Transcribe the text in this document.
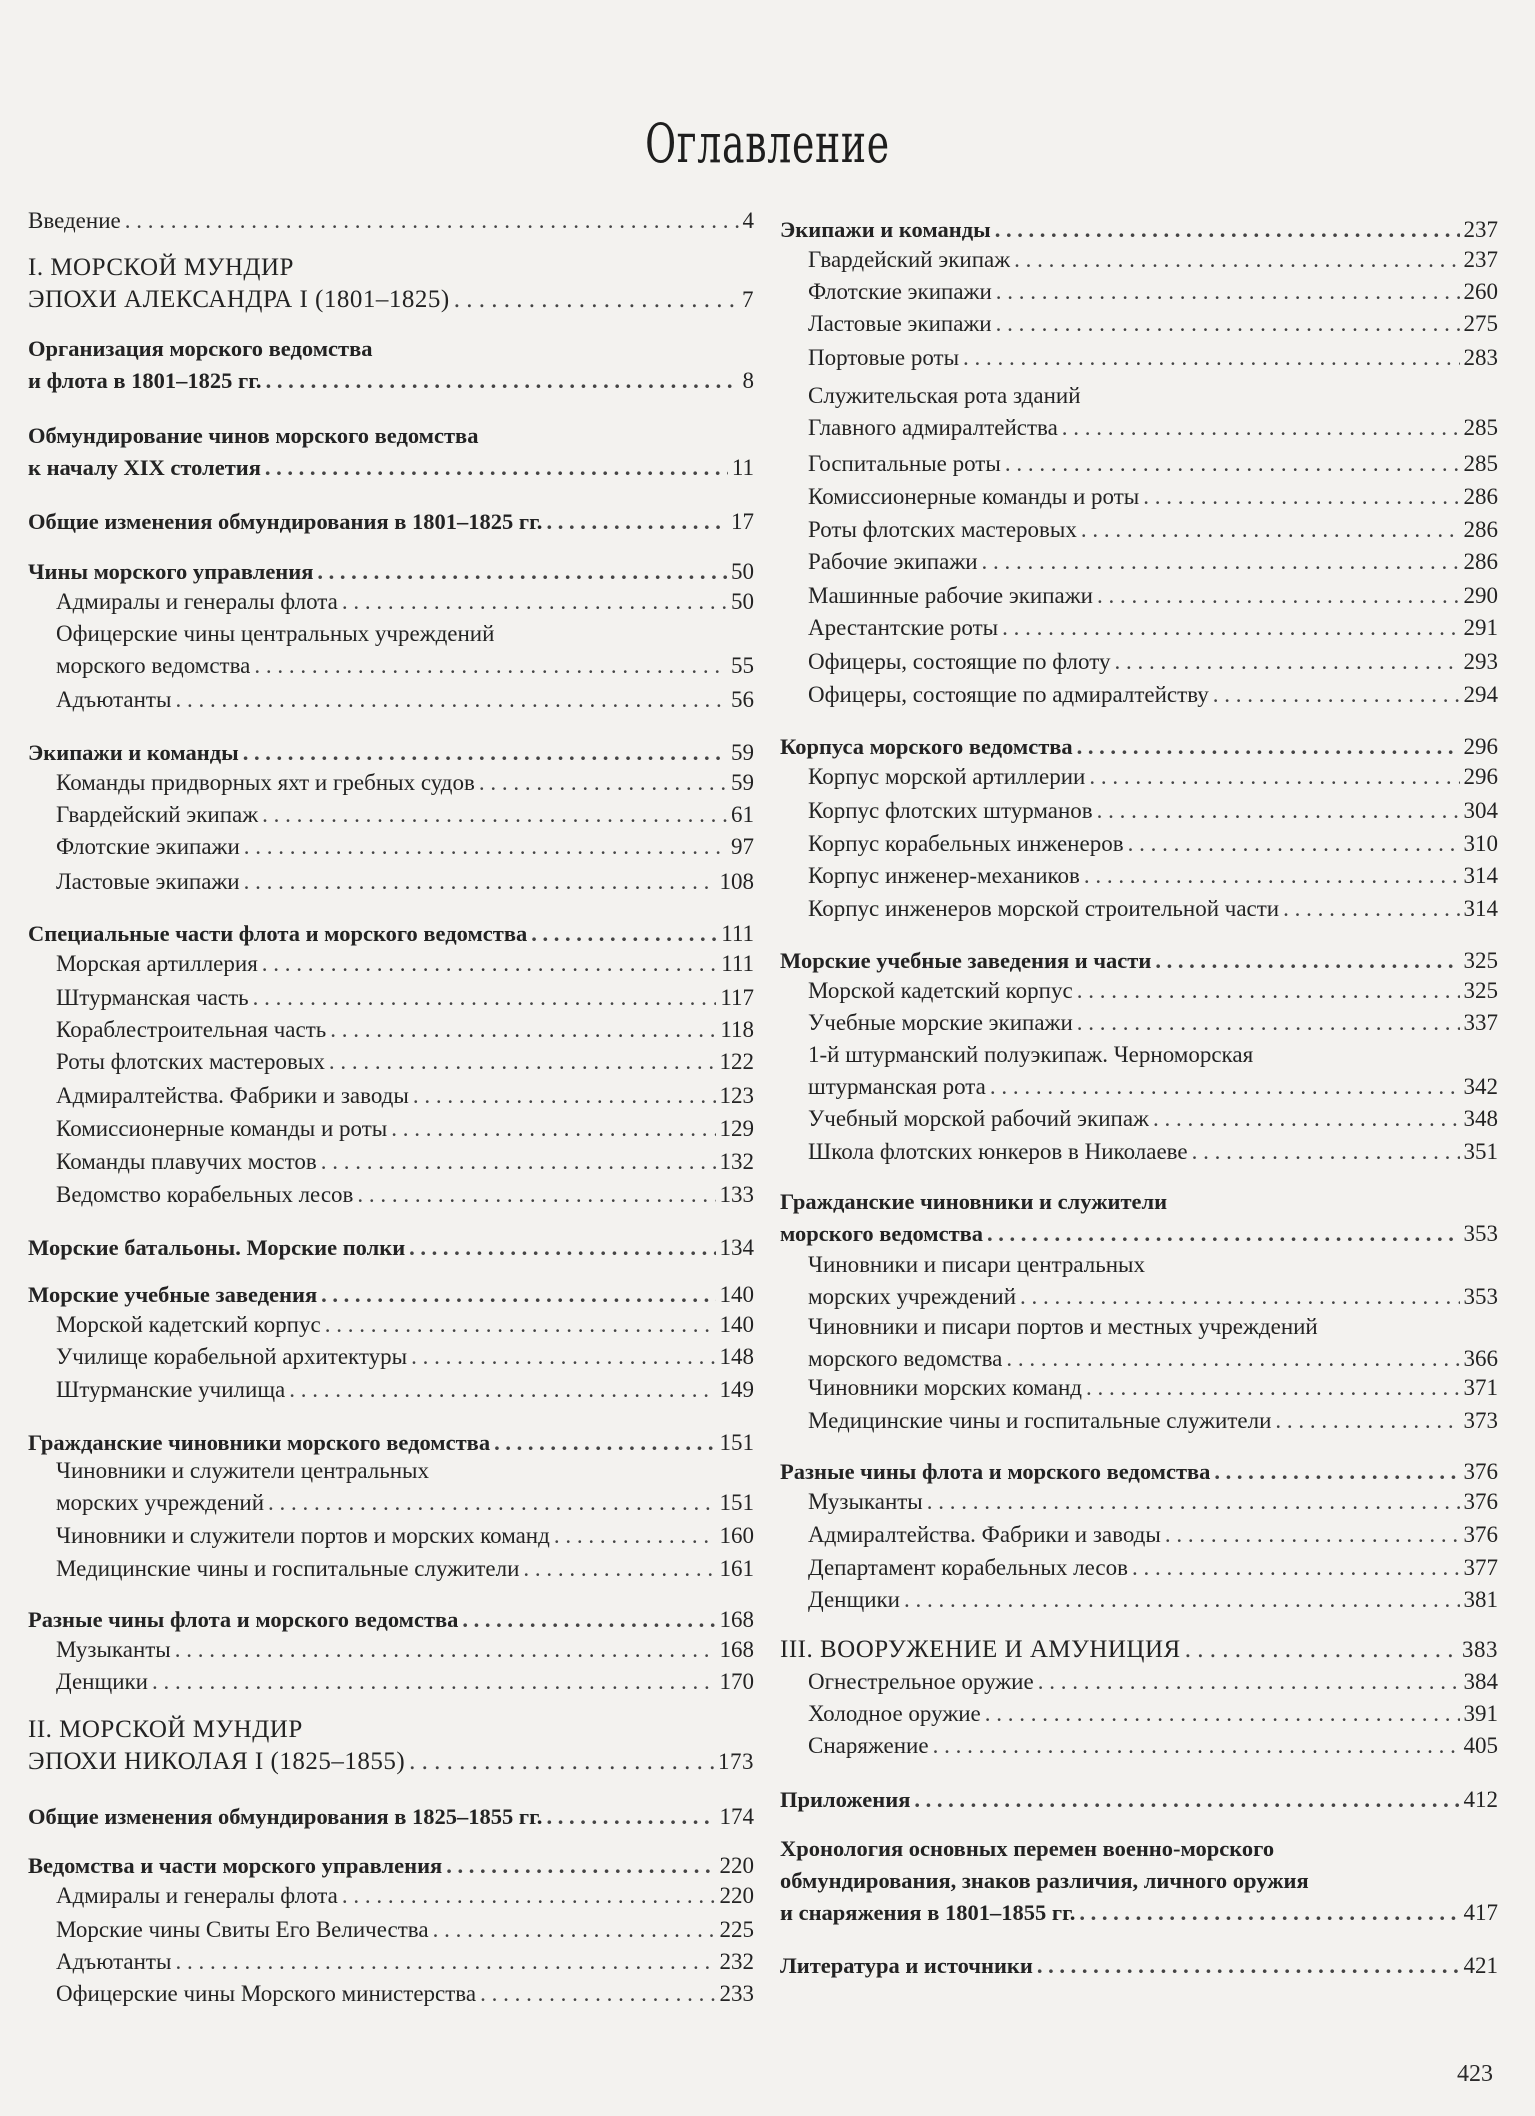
Оглавление
Введение . . .	4
I. МОРСКОЙ МУНДИР
ЭПОХИ АЛЕКСАНДРА I (1801–1825) . . .	7
Организация морского ведомства
и флота в 1801–1825 гг. . . .	8
Обмундирование чинов морского ведомства
к началу XIX столетия . . .	11
Общие изменения обмундирования в 1801–1825 гг. . . .	17
Чины морского управления . . .	50
Адмиралы и генералы флота . . .	50
Офицерские чины центральных учреждений
морского ведомства . . .	55
Адъютанты . . .	56
Экипажи и команды . . .	59
Команды придворных яхт и гребных судов . . .	59
Гвардейский экипаж . . .	61
Флотские экипажи . . .	97
Ластовые экипажи . . .	108
Специальные части флота и морского ведомства . . .	111
Морская артиллерия . . .	111
Штурманская часть . . .	117
Кораблестроительная часть . . .	118
Роты флотских мастеровых . . .	122
Адмиралтейства. Фабрики и заводы . . .	123
Комиссионерные команды и роты . . .	129
Команды плавучих мостов . . .	132
Ведомство корабельных лесов . . .	133
Морские батальоны. Морские полки . . .	134
Морские учебные заведения . . .	140
Морской кадетский корпус . . .	140
Училище корабельной архитектуры . . .	148
Штурманские училища . . .	149
Гражданские чиновники морского ведомства . . .	151
Чиновники и служители центральных
морских учреждений . . .	151
Чиновники и служители портов и морских команд . . .	160
Медицинские чины и госпитальные служители . . .	161
Разные чины флота и морского ведомства . . .	168
Музыканты . . .	168
Денщики . . .	170
II. МОРСКОЙ МУНДИР
ЭПОХИ НИКОЛАЯ I (1825–1855) . . .	173
Общие изменения обмундирования в 1825–1855 гг. . . .	174
Ведомства и части морского управления . . .	220
Адмиралы и генералы флота . . .	220
Морские чины Свиты Его Величества . . .	225
Адъютанты . . .	232
Офицерские чины Морского министерства . . .	233
Экипажи и команды . . .	237
Гвардейский экипаж . . .	237
Флотские экипажи . . .	260
Ластовые экипажи . . .	275
Портовые роты . . .	283
Служительская рота зданий
Главного адмиралтейства . . .	285
Госпитальные роты . . .	285
Комиссионерные команды и роты . . .	286
Роты флотских мастеровых . . .	286
Рабочие экипажи . . .	286
Машинные рабочие экипажи . . .	290
Арестантские роты . . .	291
Офицеры, состоящие по флоту . . .	293
Офицеры, состоящие по адмиралтейству . . .	294
Корпуса морского ведомства . . .	296
Корпус морской артиллерии . . .	296
Корпус флотских штурманов . . .	304
Корпус корабельных инженеров . . .	310
Корпус инженер-механиков . . .	314
Корпус инженеров морской строительной части . . .	314
Морские учебные заведения и части . . .	325
Морской кадетский корпус . . .	325
Учебные морские экипажи . . .	337
1-й штурманский полуэкипаж. Черноморская
штурманская рота . . .	342
Учебный морской рабочий экипаж . . .	348
Школа флотских юнкеров в Николаеве . . .	351
Гражданские чиновники и служители
морского ведомства . . .	353
Чиновники и писари центральных
морских учреждений . . .	353
Чиновники и писари портов и местных учреждений
морского ведомства . . .	366
Чиновники морских команд . . .	371
Медицинские чины и госпитальные служители . . .	373
Разные чины флота и морского ведомства . . .	376
Музыканты . . .	376
Адмиралтейства. Фабрики и заводы . . .	376
Департамент корабельных лесов . . .	377
Денщики . . .	381
III. ВООРУЖЕНИЕ И АМУНИЦИЯ . . .	383
Огнестрельное оружие . . .	384
Холодное оружие . . .	391
Снаряжение . . .	405
Приложения . . .	412
Хронология основных перемен военно-морского
обмундирования, знаков различия, личного оружия
и снаряжения в 1801–1855 гг. . . .	417
Литература и источники . . .	421
423
